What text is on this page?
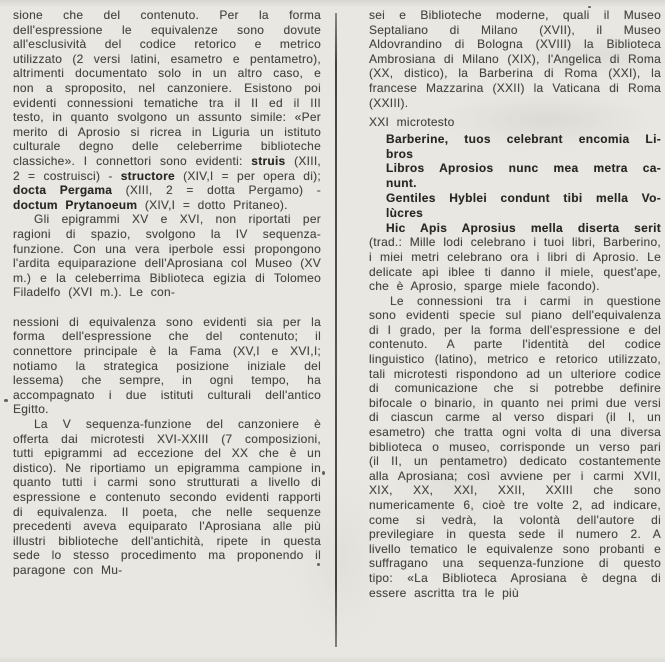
sione che del contenuto. Per la forma dell'espressione le equivalenze sono dovute all'esclusività del codice retorico e metrico utilizzato (2 versi latini, esametro e pentametro), altrimenti documentato solo in un altro caso, e non a sproposito, nel canzoniere. Esistono poi evidenti connessioni tematiche tra il II ed il III testo, in quanto svolgono un assunto simile: «Per merito di Aprosio si ricrea in Liguria un istituto culturale degno delle celeberrime biblioteche classiche». I connettori sono evidenti: struis (XIII, 2 = costruisci) - structore (XIV,I = per opera di); docta Pergama (XIII, 2 = dotta Pergamo) - doctum Prytanoeum (XIV,I = dotto Pritaneo).

Gli epigrammi XV e XVI, non riportati per ragioni di spazio, svolgono la IV sequenza-funzione. Con una vera iperbole essi propongono l'ardita equiparazione dell'Aprosiana col Museo (XV m.) e la celeberrima Biblioteca egizia di Tolomeo Filadelfo (XVI m.). Le con-

nessioni di equivalenza sono evidenti sia per la forma dell'espressione che del contenuto; il connettore principale è la Fama (XV,I e XVI,I; notiamo la strategica posizione iniziale del lessema) che sempre, in ogni tempo, ha accompagnato i due istituti culturali dell'antico Egitto.

La V sequenza-funzione del canzoniere è offerta dai microtesti XVI-XXIII (7 composizioni, tutti epigrammi ad eccezione del XX che è un distico). Ne riportiamo un epigramma campione in quanto tutti i carmi sono strutturati a livello di espressione e contenuto secondo evidenti rapporti di equivalenza. Il poeta, che nelle sequenze precedenti aveva equiparato l'Aprosiana alle più illustri biblioteche dell'antichità, ripete in questa sede lo stesso procedimento ma proponendo il paragone con Mu-

sei e Biblioteche moderne, quali il Museo Septaliano di Milano (XVII), il Museo Aldovrandino di Bologna (XVIII) la Biblioteca Ambrosiana di Milano (XIX), l'Angelica di Roma (XX, distico), la Barberina di Roma (XXI), la francese Mazzarina (XXII) la Vaticana di Roma (XXIII).

XXI microtesto

Barberine, tuos celebrant encomia Li-
bros
Libros Aprosios nunc mea metra ca-
nunt.
Gentiles Hyblei condunt tibi mella Vo-
lùcres
Hic Apis Aprosius mella diserta serit

(trad.: Mille lodi celebrano i tuoi libri, Barberino, i miei metri celebrano ora i libri di Aprosio. Le delicate api iblee ti danno il miele, quest'ape, che è Aprosio, sparge miele facondo).

Le connessioni tra i carmi in questione sono evidenti specie sul piano dell'equivalenza di I grado, per la forma dell'espressione e del contenuto. A parte l'identità del codice linguistico (latino), metrico e retorico utilizzato, tali microtesti rispondono ad un ulteriore codice di comunicazione che si potrebbe definire bifocale o binario, in quanto nei primi due versi di ciascun carme al verso dispari (il I, un esametro) che tratta ogni volta di una diversa biblioteca o museo, corrisponde un verso pari (il II, un pentametro) dedicato costantemente alla Aprosiana; così avviene per i carmi XVII, XIX, XX, XXI, XXII, XXIII che sono numericamente 6, cioè tre volte 2, ad indicare, come si vedrà, la volontà dell'autore di previlegiare in questa sede il numero 2. A livello tematico le equivalenze sono probanti e suffragano una sequenza-funzione di questo tipo: «La Biblioteca Aprosiana è degna di essere ascritta tra le più
